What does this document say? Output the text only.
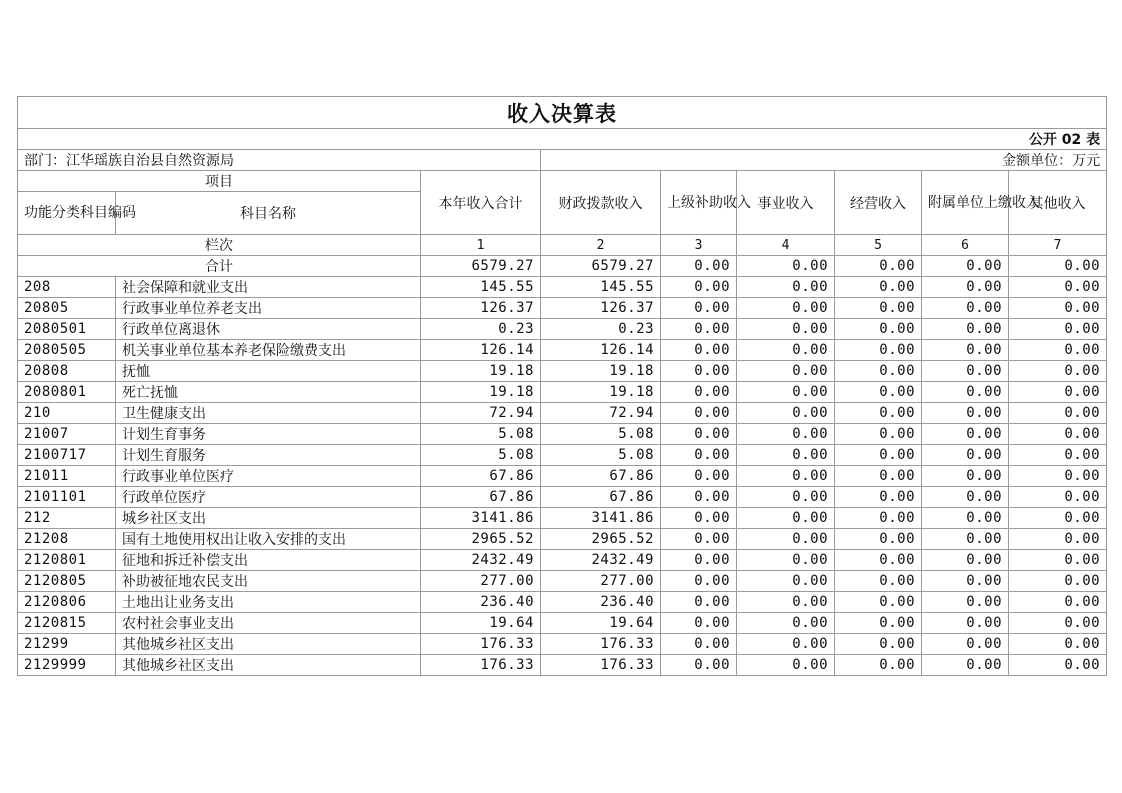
收入决算表								
公开 02 表								
部门：江华瑶族自治县自然资源局			金额单位：万元					
项目		本年收入合计	财政拨款收入	上级补助收入	事业收入	经营收入	附属单位上缴收入	其他收入
功能分类科目编码	科目名称							
栏次		1	2	3	4	5	6	7
合计		6579.27	6579.27	0.00	0.00	0.00	0.00	0.00
208	社会保障和就业支出	145.55	145.55	0.00	0.00	0.00	0.00	0.00
20805	行政事业单位养老支出	126.37	126.37	0.00	0.00	0.00	0.00	0.00
2080501	行政单位离退休	0.23	0.23	0.00	0.00	0.00	0.00	0.00
2080505	机关事业单位基本养老保险缴费支出	126.14	126.14	0.00	0.00	0.00	0.00	0.00
20808	抚恤	19.18	19.18	0.00	0.00	0.00	0.00	0.00
2080801	死亡抚恤	19.18	19.18	0.00	0.00	0.00	0.00	0.00
210	卫生健康支出	72.94	72.94	0.00	0.00	0.00	0.00	0.00
21007	计划生育事务	5.08	5.08	0.00	0.00	0.00	0.00	0.00
2100717	计划生育服务	5.08	5.08	0.00	0.00	0.00	0.00	0.00
21011	行政事业单位医疗	67.86	67.86	0.00	0.00	0.00	0.00	0.00
2101101	行政单位医疗	67.86	67.86	0.00	0.00	0.00	0.00	0.00
212	城乡社区支出	3141.86	3141.86	0.00	0.00	0.00	0.00	0.00
21208	国有土地使用权出让收入安排的支出	2965.52	2965.52	0.00	0.00	0.00	0.00	0.00
2120801	征地和拆迁补偿支出	2432.49	2432.49	0.00	0.00	0.00	0.00	0.00
2120805	补助被征地农民支出	277.00	277.00	0.00	0.00	0.00	0.00	0.00
2120806	土地出让业务支出	236.40	236.40	0.00	0.00	0.00	0.00	0.00
2120815	农村社会事业支出	19.64	19.64	0.00	0.00	0.00	0.00	0.00
21299	其他城乡社区支出	176.33	176.33	0.00	0.00	0.00	0.00	0.00
2129999	其他城乡社区支出	176.33	176.33	0.00	0.00	0.00	0.00	0.00
